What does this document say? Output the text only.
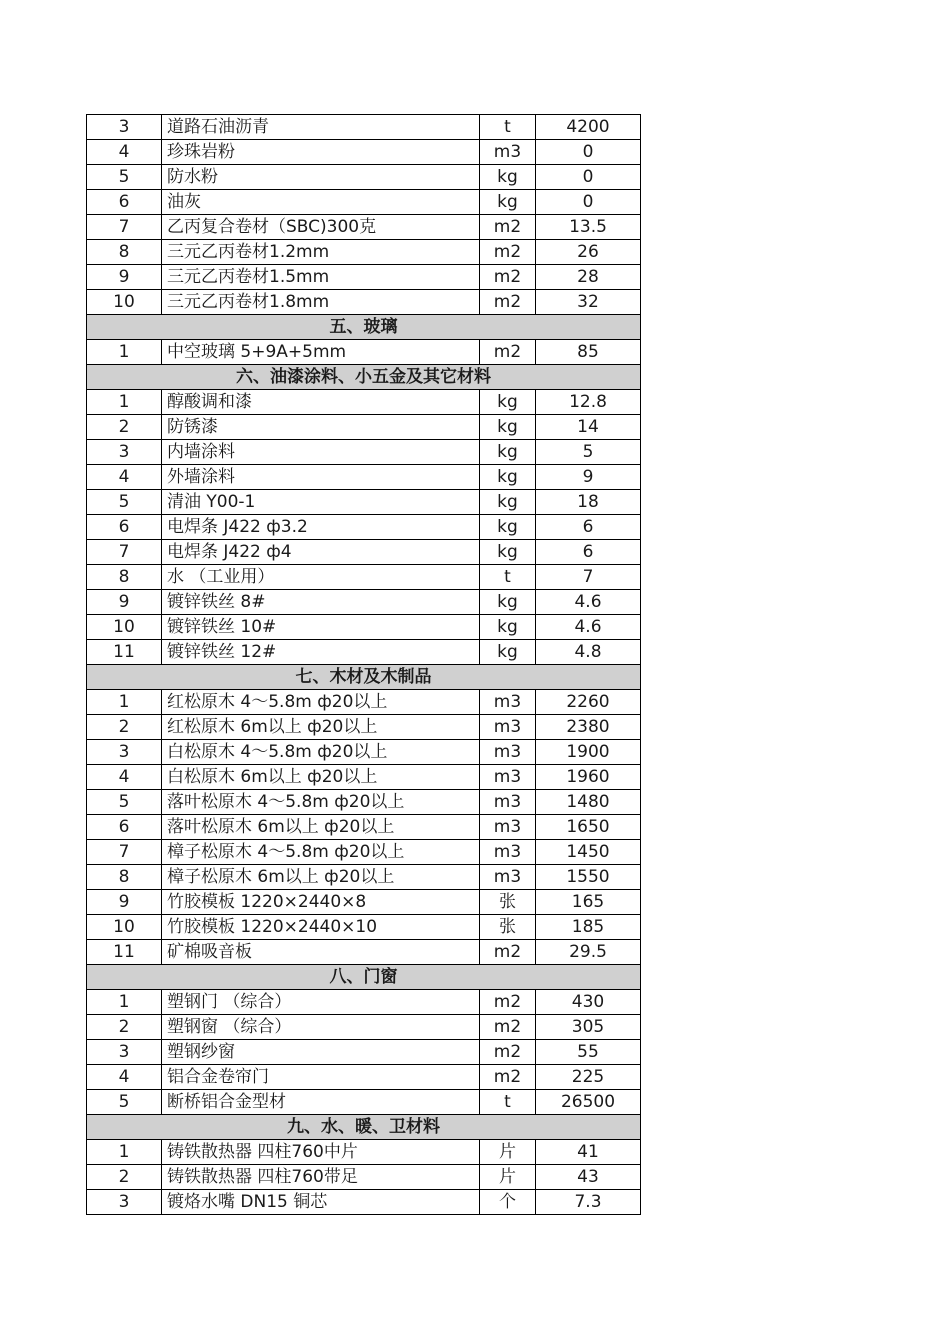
3	道路石油沥青	t	4200
4	珍珠岩粉	m3	0
5	防水粉	kg	0
6	油灰	kg	0
7	乙丙复合卷材（SBC)300克	m2	13.5
8	三元乙丙卷材1.2mm	m2	26
9	三元乙丙卷材1.5mm	m2	28
10	三元乙丙卷材1.8mm	m2	32
五、玻璃			
1	中空玻璃 5+9A+5mm	m2	85
六、油漆涂料、小五金及其它材料			
1	醇酸调和漆	kg	12.8
2	防锈漆	kg	14
3	内墙涂料	kg	5
4	外墙涂料	kg	9
5	清油 Y00-1	kg	18
6	电焊条 J422 ф3.2	kg	6
7	电焊条 J422 ф4	kg	6
8	水 （工业用）	t	7
9	镀锌铁丝 8#	kg	4.6
10	镀锌铁丝 10#	kg	4.6
11	镀锌铁丝 12#	kg	4.8
七、木材及木制品			
1	红松原木 4～5.8m ф20以上	m3	2260
2	红松原木 6m以上 ф20以上	m3	2380
3	白松原木 4～5.8m ф20以上	m3	1900
4	白松原木 6m以上 ф20以上	m3	1960
5	落叶松原木 4～5.8m ф20以上	m3	1480
6	落叶松原木 6m以上 ф20以上	m3	1650
7	樟子松原木 4～5.8m ф20以上	m3	1450
8	樟子松原木 6m以上 ф20以上	m3	1550
9	竹胶模板 1220×2440×8	张	165
10	竹胶模板 1220×2440×10	张	185
11	矿棉吸音板	m2	29.5
八、门窗			
1	塑钢门 （综合）	m2	430
2	塑钢窗 （综合）	m2	305
3	塑钢纱窗	m2	55
4	铝合金卷帘门	m2	225
5	断桥铝合金型材	t	26500
九、水、暖、卫材料			
1	铸铁散热器 四柱760中片	片	41
2	铸铁散热器 四柱760带足	片	43
3	镀烙水嘴 DN15 铜芯	个	7.3
